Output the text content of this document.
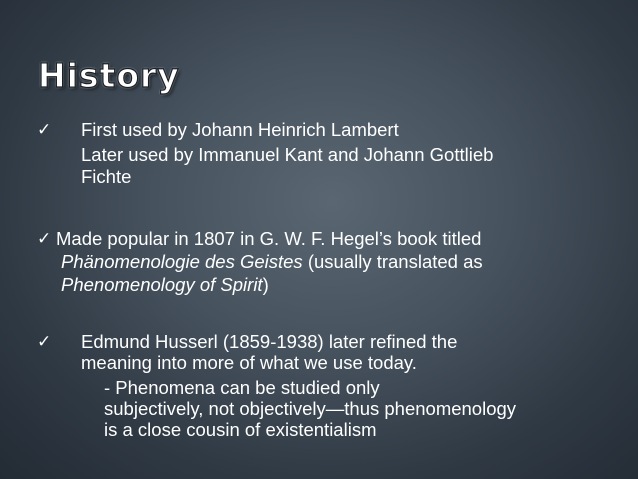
History
✓ First used by Johann Heinrich Lambert
Later used by Immanuel Kant and Johann Gottlieb
Fichte
✓ Made popular in 1807 in G. W. F. Hegel’s book titled
Phänomenologie des Geistes (usually translated as
Phenomenology of Spirit)
✓ Edmund Husserl (1859-1938) later refined the
meaning into more of what we use today.
- Phenomena can be studied only
subjectively, not objectively—thus phenomenology
is a close cousin of existentialism
